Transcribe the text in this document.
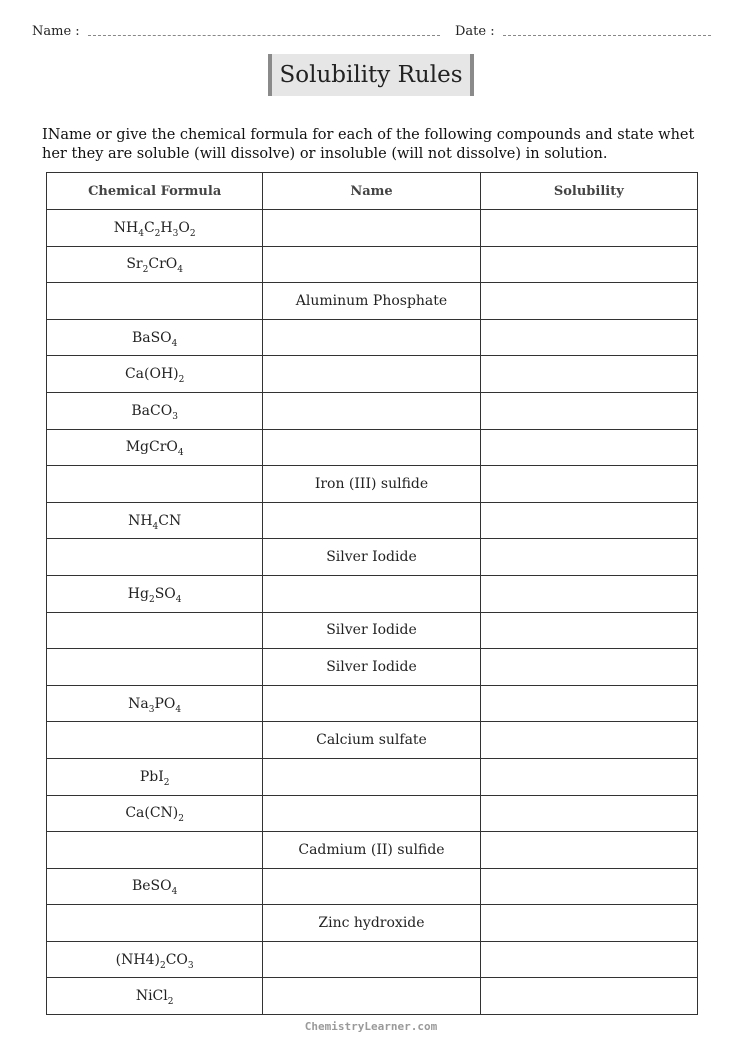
Name :	Date :
Solubility Rules
IName or give the chemical formula for each of the following compounds and state whether they are soluble (will dissolve) or insoluble (will not dissolve) in solution.
Chemical Formula	Name	Solubility
$NH_4C_2H_3O_2$		
$Sr_2CrO_4$		
	Aluminum Phosphate	
BaSO$_4$		
$Ca(OH)_2$		
BaCO$_3$		
MgCrO$_4$		
	Iron (III) sulfide	
$NH_4CN$		
	Silver Iodide	
$Hg_2SO_4$		
	Silver Iodide	
	Silver Iodide	
$Na_3PO_4$		
	Calcium sulfate	
PbI$_2$		
$Ca(CN)_2$		
	Cadmium (II) sulfide	
BeSO$_4$		
	Zinc hydroxide	
$(NH4)_2CO_3$		
NiCl$_2$		
ChemistryLearner.com
